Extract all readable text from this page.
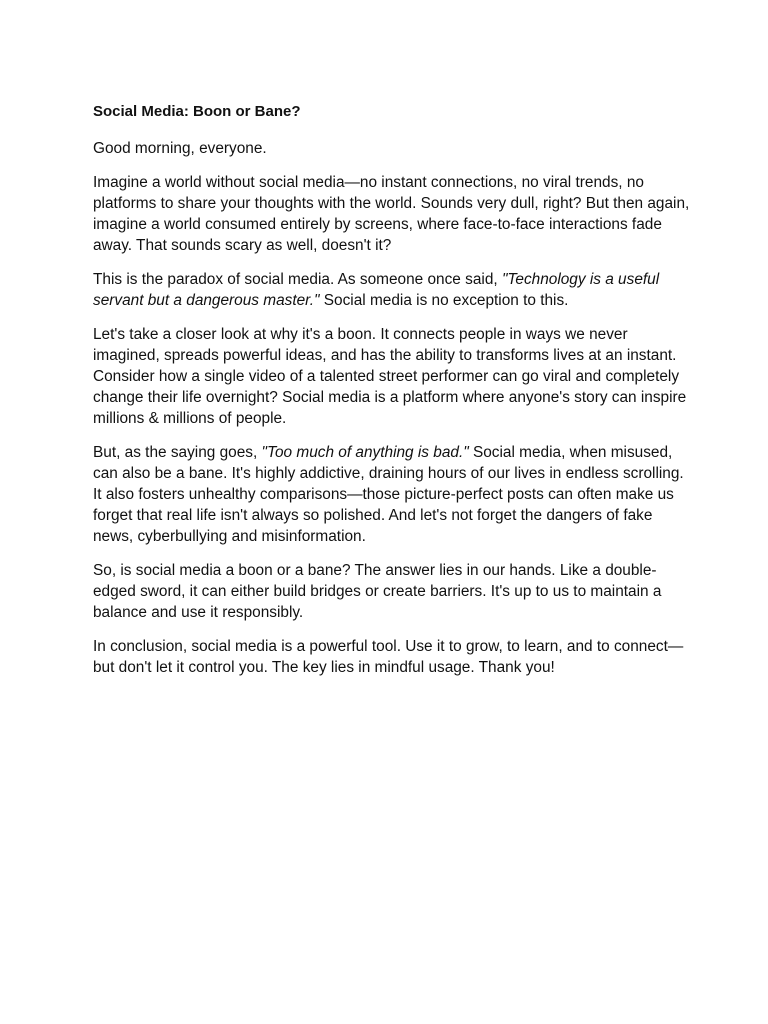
Social Media: Boon or Bane?

Good morning, everyone.

Imagine a world without social media—no instant connections, no viral trends, no platforms to share your thoughts with the world. Sounds very dull, right? But then again, imagine a world consumed entirely by screens, where face-to-face interactions fade away. That sounds scary as well, doesn't it?

This is the paradox of social media. As someone once said, "Technology is a useful servant but a dangerous master." Social media is no exception to this.

Let's take a closer look at why it's a boon. It connects people in ways we never imagined, spreads powerful ideas, and has the ability to transforms lives at an instant. Consider how a single video of a talented street performer can go viral and completely change their life overnight? Social media is a platform where anyone's story can inspire millions & millions of people.

But, as the saying goes, "Too much of anything is bad." Social media, when misused, can also be a bane. It's highly addictive, draining hours of our lives in endless scrolling. It also fosters unhealthy comparisons—those picture-perfect posts can often make us forget that real life isn't always so polished. And let's not forget the dangers of fake news, cyberbullying and misinformation.

So, is social media a boon or a bane? The answer lies in our hands. Like a double-edged sword, it can either build bridges or create barriers. It's up to us to maintain a balance and use it responsibly.

In conclusion, social media is a powerful tool. Use it to grow, to learn, and to connect—but don't let it control you. The key lies in mindful usage. Thank you!
